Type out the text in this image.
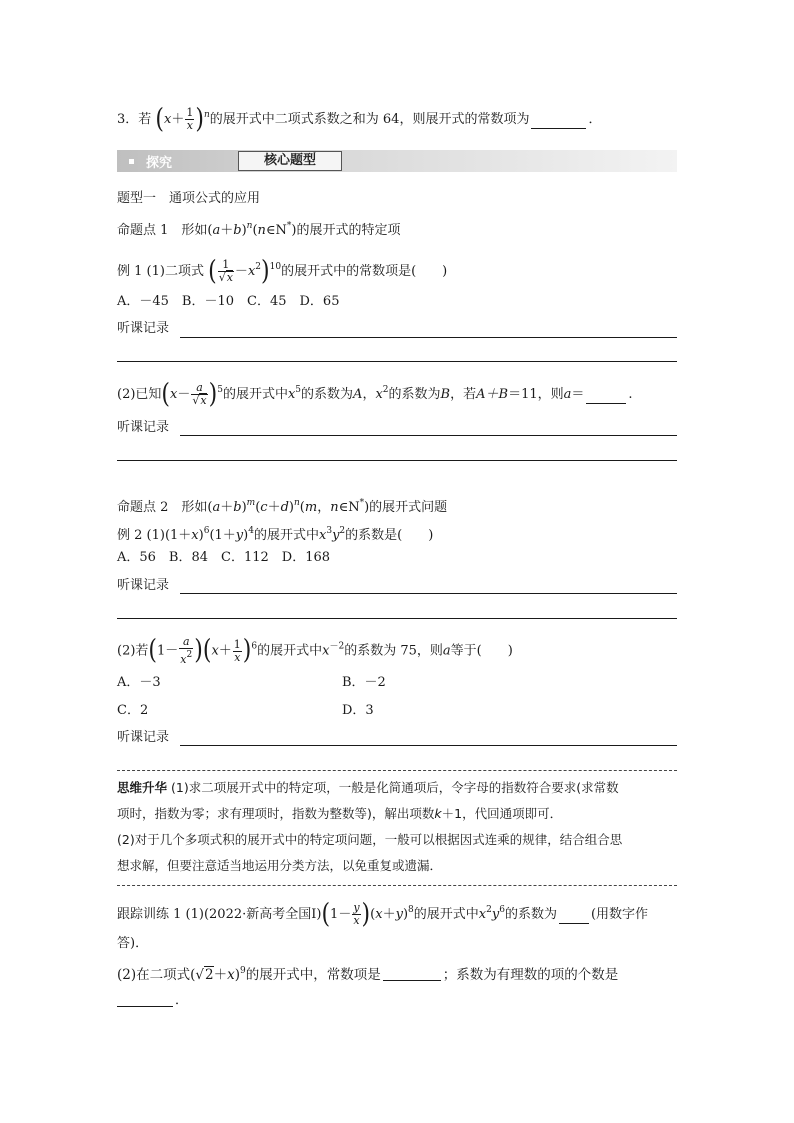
3．若 $(x+ \frac{1}{x} )^n$的展开式中二项式系数之和为 64，则展开式的常数项为	．
探究	核心题型
题型一　通项公式的应用
命题点 1　形如$(a+b)^n(n\in N^*)$的展开式的特定项
例 1 (1)二项式 ( $\frac{1}{√x} -x^2)^{10}$的展开式中的常数项是(　　)
A．－45　B．－10　C．45　D．65
听课记录
(2)已知$(x- \frac{a}{√x} )^5$的展开式中$x^5$的系数为A，$x^2$的系数为B，若A＋B＝11，则a＝	.
听课记录
命题点 2　形如$(a+b)^m(c+d)^n(m$，n∈N*)的展开式问题
例 2 $(1)(1+x)^6(1+y)^4$的展开式中$x^3y^2$的系数是(　　)
A．56　B．84　C．112　D．168
听课记录
(2)若$(1- \frac{a}{x^2} )(x+ \frac{1}{x} )^6$的展开式中$x^{-2}$的系数为 75，则a等于(　　)
A．－3	B．－2
C．2	D．3
听课记录
思维升华 (1)求二项展开式中的特定项，一般是化简通项后，令字母的指数符合要求(求常数
项时，指数为零；求有理项时，指数为整数等)，解出项数k＋1，代回通项即可．
(2)对于几个多项式积的展开式中的特定项问题，一般可以根据因式连乘的规律，结合组合思
想求解，但要注意适当地运用分类方法，以免重复或遗漏．
跟踪训练 1 (1)(2022·新高考全国Ⅰ)(1－ $\frac{y}{x} )(x+y)^8$的展开式中$x^2y^6$的系数为	(用数字作
答)．
(2)在二项式$(√2+x)^9$的展开式中，常数项是	；系数为有理数的项的个数是
．
